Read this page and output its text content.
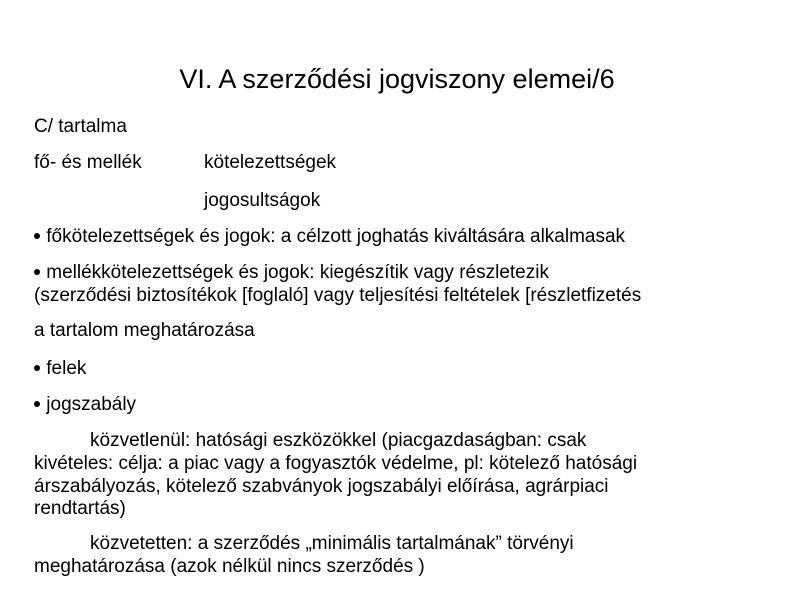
VI. A szerződési jogviszony elemei/6
C/ tartalma
fő- és mellék	kötelezettségek
jogosultságok
főkötelezettségek és jogok: a célzott joghatás kiváltására alkalmasak
mellékkötelezettségek és jogok: kiegészítik vagy részletezik
(szerződési biztosítékok [foglaló] vagy teljesítési feltételek [részletfizetés
a tartalom meghatározása
felek
jogszabály
közvetlenül: hatósági eszközökkel (piacgazdaságban: csak
kivételes: célja: a piac vagy a fogyasztók védelme, pl: kötelező hatósági
árszabályozás, kötelező szabványok jogszabályi előírása, agrárpiaci
rendtartás)
közvetetten: a szerződés „minimális tartalmának” törvényi
meghatározása (azok nélkül nincs szerződés )
